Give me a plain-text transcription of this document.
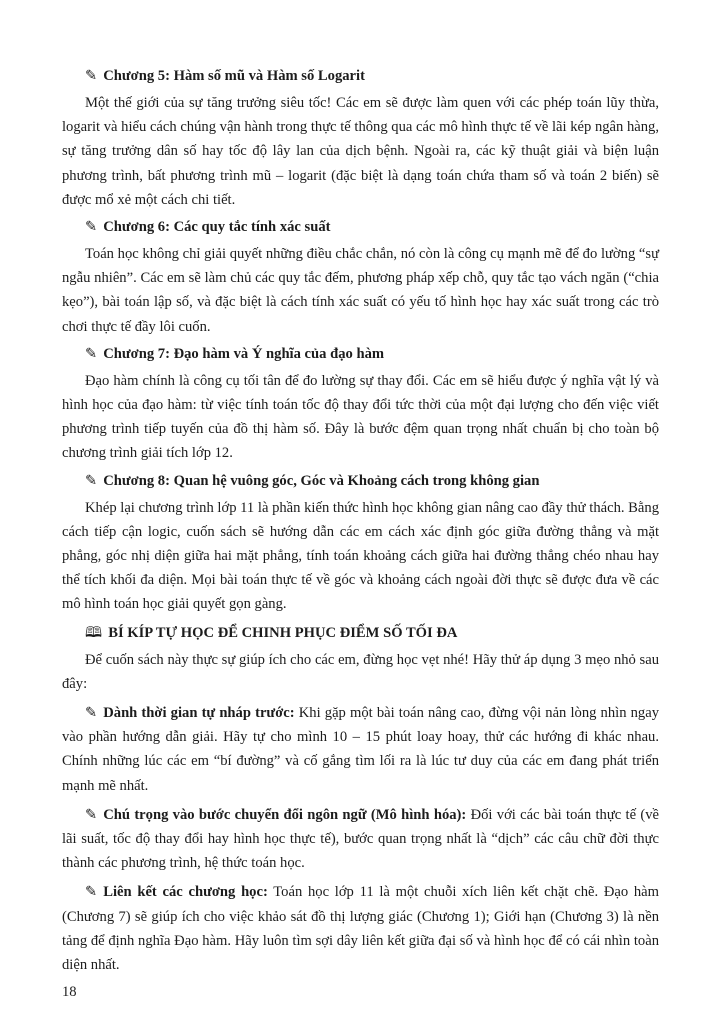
✎ Chương 5: Hàm số mũ và Hàm số Logarit

Một thế giới của sự tăng trưởng siêu tốc! Các em sẽ được làm quen với các phép toán lũy thừa, logarit và hiểu cách chúng vận hành trong thực tế thông qua các mô hình thực tế về lãi kép ngân hàng, sự tăng trưởng dân số hay tốc độ lây lan của dịch bệnh. Ngoài ra, các kỹ thuật giải và biện luận phương trình, bất phương trình mũ – logarit (đặc biệt là dạng toán chứa tham số và toán 2 biến) sẽ được mổ xẻ một cách chi tiết.

✎ Chương 6: Các quy tắc tính xác suất

Toán học không chỉ giải quyết những điều chắc chắn, nó còn là công cụ mạnh mẽ để đo lường “sự ngẫu nhiên”. Các em sẽ làm chủ các quy tắc đếm, phương pháp xếp chỗ, quy tắc tạo vách ngăn (“chia kẹo”), bài toán lập số, và đặc biệt là cách tính xác suất có yếu tố hình học hay xác suất trong các trò chơi thực tế đầy lôi cuốn.

✎ Chương 7: Đạo hàm và Ý nghĩa của đạo hàm

Đạo hàm chính là công cụ tối tân để đo lường sự thay đổi. Các em sẽ hiểu được ý nghĩa vật lý và hình học của đạo hàm: từ việc tính toán tốc độ thay đổi tức thời của một đại lượng cho đến việc viết phương trình tiếp tuyến của đồ thị hàm số. Đây là bước đệm quan trọng nhất chuẩn bị cho toàn bộ chương trình giải tích lớp 12.

✎ Chương 8: Quan hệ vuông góc, Góc và Khoảng cách trong không gian

Khép lại chương trình lớp 11 là phần kiến thức hình học không gian nâng cao đầy thử thách. Bằng cách tiếp cận logic, cuốn sách sẽ hướng dẫn các em cách xác định góc giữa đường thẳng và mặt phẳng, góc nhị diện giữa hai mặt phẳng, tính toán khoảng cách giữa hai đường thẳng chéo nhau hay thể tích khối đa diện. Mọi bài toán thực tế về góc và khoảng cách ngoài đời thực sẽ được đưa về các mô hình toán học giải quyết gọn gàng.

🕮 BÍ KÍP TỰ HỌC ĐỂ CHINH PHỤC ĐIỂM SỐ TỐI ĐA

Để cuốn sách này thực sự giúp ích cho các em, đừng học vẹt nhé! Hãy thử áp dụng 3 mẹo nhỏ sau đây:

✎ Dành thời gian tự nháp trước: Khi gặp một bài toán nâng cao, đừng vội nản lòng nhìn ngay vào phần hướng dẫn giải. Hãy tự cho mình 10 – 15 phút loay hoay, thử các hướng đi khác nhau. Chính những lúc các em “bí đường” và cố gắng tìm lối ra là lúc tư duy của các em đang phát triển mạnh mẽ nhất.

✎ Chú trọng vào bước chuyển đổi ngôn ngữ (Mô hình hóa): Đối với các bài toán thực tế (về lãi suất, tốc độ thay đổi hay hình học thực tế), bước quan trọng nhất là “dịch” các câu chữ đời thực thành các phương trình, hệ thức toán học.

✎ Liên kết các chương học: Toán học lớp 11 là một chuỗi xích liên kết chặt chẽ. Đạo hàm (Chương 7) sẽ giúp ích cho việc khảo sát đồ thị lượng giác (Chương 1); Giới hạn (Chương 3) là nền tảng để định nghĩa Đạo hàm. Hãy luôn tìm sợi dây liên kết giữa đại số và hình học để có cái nhìn toàn diện nhất.

18
